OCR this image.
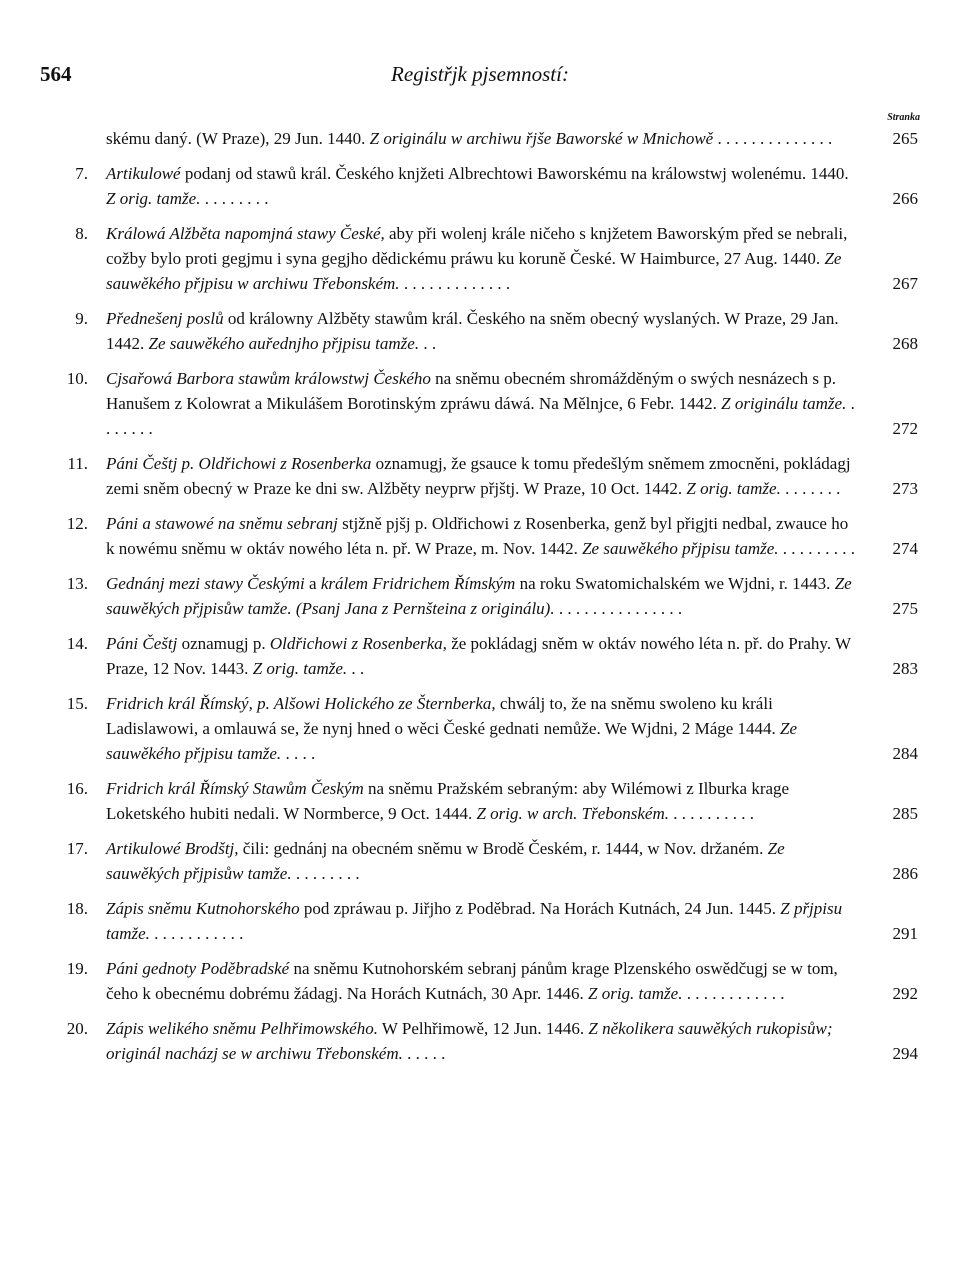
564	Registřjk pjsemností:
Stranka
skému daný. (W Praze), 29 Jun. 1440. Z originálu w archiwu řjše Baworské w Mnichowě . . . . . . . . . . . . . .	265
7. Artikulowé podanj od stawů král. Českého knjžeti Albrechtowi Baworskému na králowstwj wolenému. 1440. Z orig. tamže. . . . . . . . .	266
8. Králowá Alžběta napomjná stawy České, aby při wolenj krále ničeho s knjžetem Baworským před se nebrali, cožby bylo proti gegjmu i syna gegjho dědickému práwu ku koruně České. W Haimburce, 27 Aug. 1440. Ze sauwěkého přjpisu w archiwu Třebonském. . . . . . . . . . . . . .	267
9. Přednešenj poslů od králowny Alžběty stawům král. Českého na sněm obecný wyslaných. W Praze, 29 Jan. 1442. Ze sauwěkého auřednjho přjpisu tamže. . .	268
10. Cjsařowá Barbora stawům králowstwj Českého na sněmu obecném shromážděným o swých nesnázech s p. Hanušem z Kolowrat a Mikulášem Borotinským zpráwu dáwá. Na Mělnjce, 6 Febr. 1442. Z originálu tamže. . . . . . . .	272
11. Páni Češtj p. Oldřichowi z Rosenberka oznamugj, že gsauce k tomu předešlým sněmem zmocněni, pokládagj zemi sněm obecný w Praze ke dni sw. Alžběty neyprw přjštj. W Praze, 10 Oct. 1442. Z orig. tamže. . . . . . . .	273
12. Páni a stawowé na sněmu sebranj stjžně pjšj p. Oldřichowi z Rosenberka, genž byl přigjti nedbal, zwauce ho k nowému sněmu w oktáv nowého léta n. př. W Praze, m. Nov. 1442. Ze sauwěkého přjpisu tamže. . . . . . . . . .	274
13. Gednánj mezi stawy Českými a králem Fridrichem Římským na roku Swatomichalském we Wjdni, r. 1443. Ze sauwěkých přjpisůw tamže. (Psanj Jana z Pernšteina z originálu). . . . . . . . . . . . . . . .	275
14. Páni Češtj oznamugj p. Oldřichowi z Rosenberka, že pokládagj sněm w oktáv nowého léta n. př. do Prahy. W Praze, 12 Nov. 1443. Z orig. tamže. . .	283
15. Fridrich král Římský, p. Alšowi Holického ze Šternberka, chwálj to, že na sněmu swoleno ku králi Ladislawowi, a omlauwá se, že nynj hned o wěci České gednati nemůže. We Wjdni, 2 Máge 1444. Ze sauwěkého přjpisu tamže. . . . .	284
16. Fridrich král Římský Stawům Českým na sněmu Pražském sebraným: aby Wilémowi z Ilburka krage Loketského hubiti nedali. W Normberce, 9 Oct. 1444. Z orig. w arch. Třebonském. . . . . . . . . . .	285
17. Artikulowé Brodštj, čili: gednánj na obecném sněmu w Brodě Českém, r. 1444, w Nov. držaném. Ze sauwěkých přjpisůw tamže. . . . . . . . .	286
18. Zápis sněmu Kutnohorského pod zpráwau p. Jiřjho z Poděbrad. Na Horách Kutnách, 24 Jun. 1445. Z přjpisu tamže. . . . . . . . . . . .	291
19. Páni gednoty Poděbradské na sněmu Kutnohorském sebranj pánům krage Plzenského oswědčugj se w tom, čeho k obecnému dobrému žádagj. Na Horách Kutnách, 30 Apr. 1446. Z orig. tamže. . . . . . . . . . . . .	292
20. Zápis welikého sněmu Pelhřimowského. W Pelhřimowě, 12 Jun. 1446. Z několikera sauwěkých rukopisůw; originál nacházj se w archiwu Třebonském. . . . . .	294
